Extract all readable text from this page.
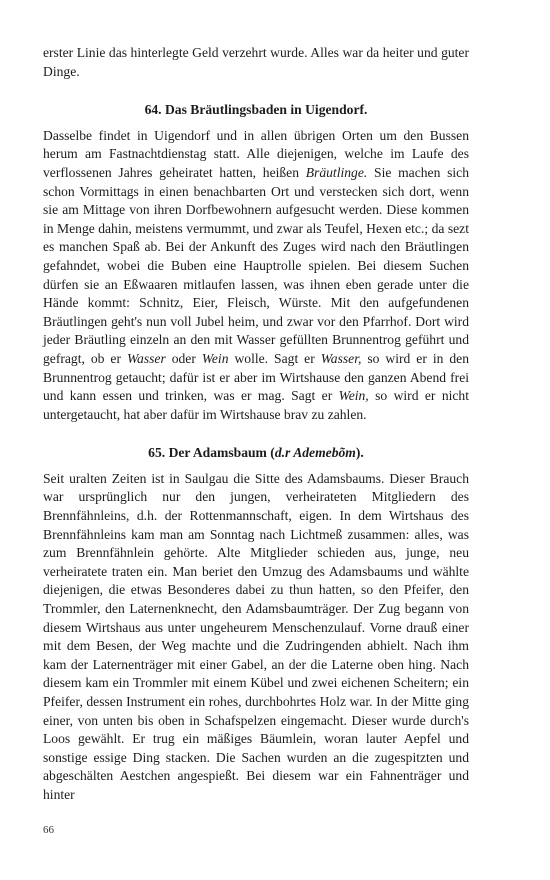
erster Linie das hinterlegte Geld verzehrt wurde. Alles war da heiter und guter Dinge.

64. Das Bräutlingsbaden in Uigendorf.

Dasselbe findet in Uigendorf und in allen übrigen Orten um den Bussen herum am Fastnachtdienstag statt. Alle diejenigen, welche im Laufe des verflossenen Jahres geheiratet hatten, heißen Bräutlinge. Sie machen sich schon Vormittags in einen benachbarten Ort und verstecken sich dort, wenn sie am Mittage von ihren Dorfbewohnern aufgesucht werden. Diese kommen in Menge dahin, meistens vermummt, und zwar als Teufel, Hexen etc.; da sezt es manchen Spaß ab. Bei der Ankunft des Zuges wird nach den Bräutlingen gefahndet, wobei die Buben eine Hauptrolle spielen. Bei diesem Suchen dürfen sie an Eßwaaren mitlaufen lassen, was ihnen eben gerade unter die Hände kommt: Schnitz, Eier, Fleisch, Würste. Mit den aufgefundenen Bräutlingen geht's nun voll Jubel heim, und zwar vor den Pfarrhof. Dort wird jeder Bräutling einzeln an den mit Wasser gefüllten Brunnentrog geführt und gefragt, ob er Wasser oder Wein wolle. Sagt er Wasser, so wird er in den Brunnentrog getaucht; dafür ist er aber im Wirtshause den ganzen Abend frei und kann essen und trinken, was er mag. Sagt er Wein, so wird er nicht untergetaucht, hat aber dafür im Wirtshause brav zu zahlen.

65. Der Adamsbaum (d.r Ademebõm).

Seit uralten Zeiten ist in Saulgau die Sitte des Adamsbaums. Dieser Brauch war ursprünglich nur den jungen, verheirateten Mitgliedern des Brennfähnleins, d.h. der Rottenmannschaft, eigen. In dem Wirtshaus des Brennfähnleins kam man am Sonntag nach Lichtmeß zusammen: alles, was zum Brennfähnlein gehörte. Alte Mitglieder schieden aus, junge, neu verheiratete traten ein. Man beriet den Umzug des Adamsbaums und wählte diejenigen, die etwas Besonderes dabei zu thun hatten, so den Pfeifer, den Trommler, den Laternenknecht, den Adamsbaumträger. Der Zug begann von diesem Wirtshaus aus unter ungeheurem Menschenzulauf. Vorne drauß einer mit dem Besen, der Weg machte und die Zudringenden abhielt. Nach ihm kam der Laternenträger mit einer Gabel, an der die Laterne oben hing. Nach diesem kam ein Trommler mit einem Kübel und zwei eichenen Scheitern; ein Pfeifer, dessen Instrument ein rohes, durchbohrtes Holz war. In der Mitte ging einer, von unten bis oben in Schafspelzen eingemacht. Dieser wurde durch's Loos gewählt. Er trug ein mäßiges Bäumlein, woran lauter Aepfel und sonstige essige Ding stacken. Die Sachen wurden an die zugespitzten und abgeschälten Aestchen angespießt. Bei diesem war ein Fahnenträger und hinter

66
